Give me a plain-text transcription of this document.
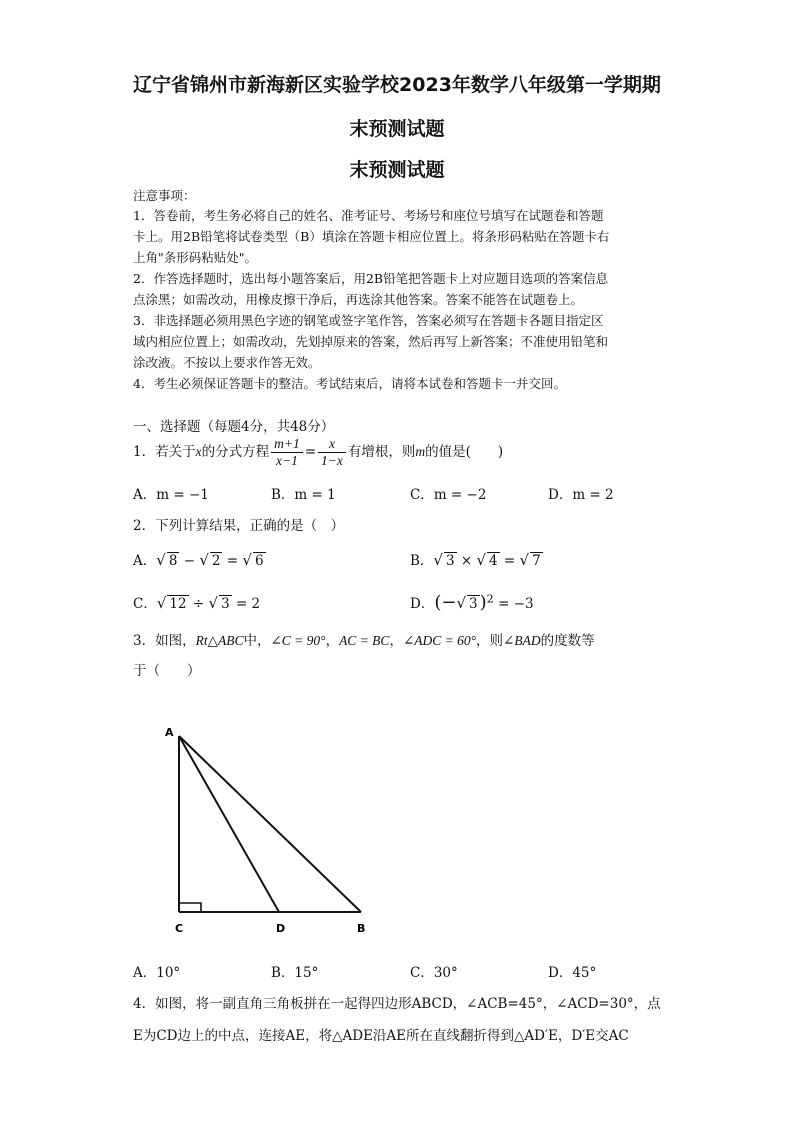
辽宁省锦州市新海新区实验学校2023年数学八年级第一学期期
末预测试题
末预测试题
注意事项：
1．答卷前，考生务必将自己的姓名、准考证号、考场号和座位号填写在试题卷和答题
卡上。用2B铅笔将试卷类型（B）填涂在答题卡相应位置上。将条形码粘贴在答题卡右
上角"条形码粘贴处"。
2．作答选择题时，选出每小题答案后，用2B铅笔把答题卡上对应题目选项的答案信息
点涂黑；如需改动，用橡皮擦干净后，再选涂其他答案。答案不能答在试题卷上。
3．非选择题必须用黑色字迹的钢笔或签字笔作答，答案必须写在答题卡各题目指定区
域内相应位置上；如需改动，先划掉原来的答案，然后再写上新答案；不准使用铅笔和
涂改液。不按以上要求作答无效。
4．考生必须保证答题卡的整洁。考试结束后，请将本试卷和答题卡一并交回。
一、选择题（每题4分，共48分）
1．若关于x的分式方程 $\frac{m+1}{x-1} = \frac{x}{1-x}$ 有增根，则m的值是(　　)
A．m = −1	B．m = 1	C．m = −2	D．m = 2
2．下列计算结果，正确的是（　）
A．√ 8 − √ 2 = √ 6	B．√ 3 × √ 4 = √ 7
C．√ 12 ÷ √ 3 = 2	D．(−√ 3 )$^2$ = −3
3．如图，Rt△ABC中，∠C = 90°，AC = BC，∠ADC = 60°，则∠BAD的度数等
于（　　）
A
C	D	B
A．10°	B．15°	C．30°	D．45°
4．如图，将一副直角三角板拼在一起得四边形ABCD，∠ACB=45°，∠ACD=30°，点
E为CD边上的中点，连接AE，将△ADE沿AE所在直线翻折得到△AD′E，D′E交AC
